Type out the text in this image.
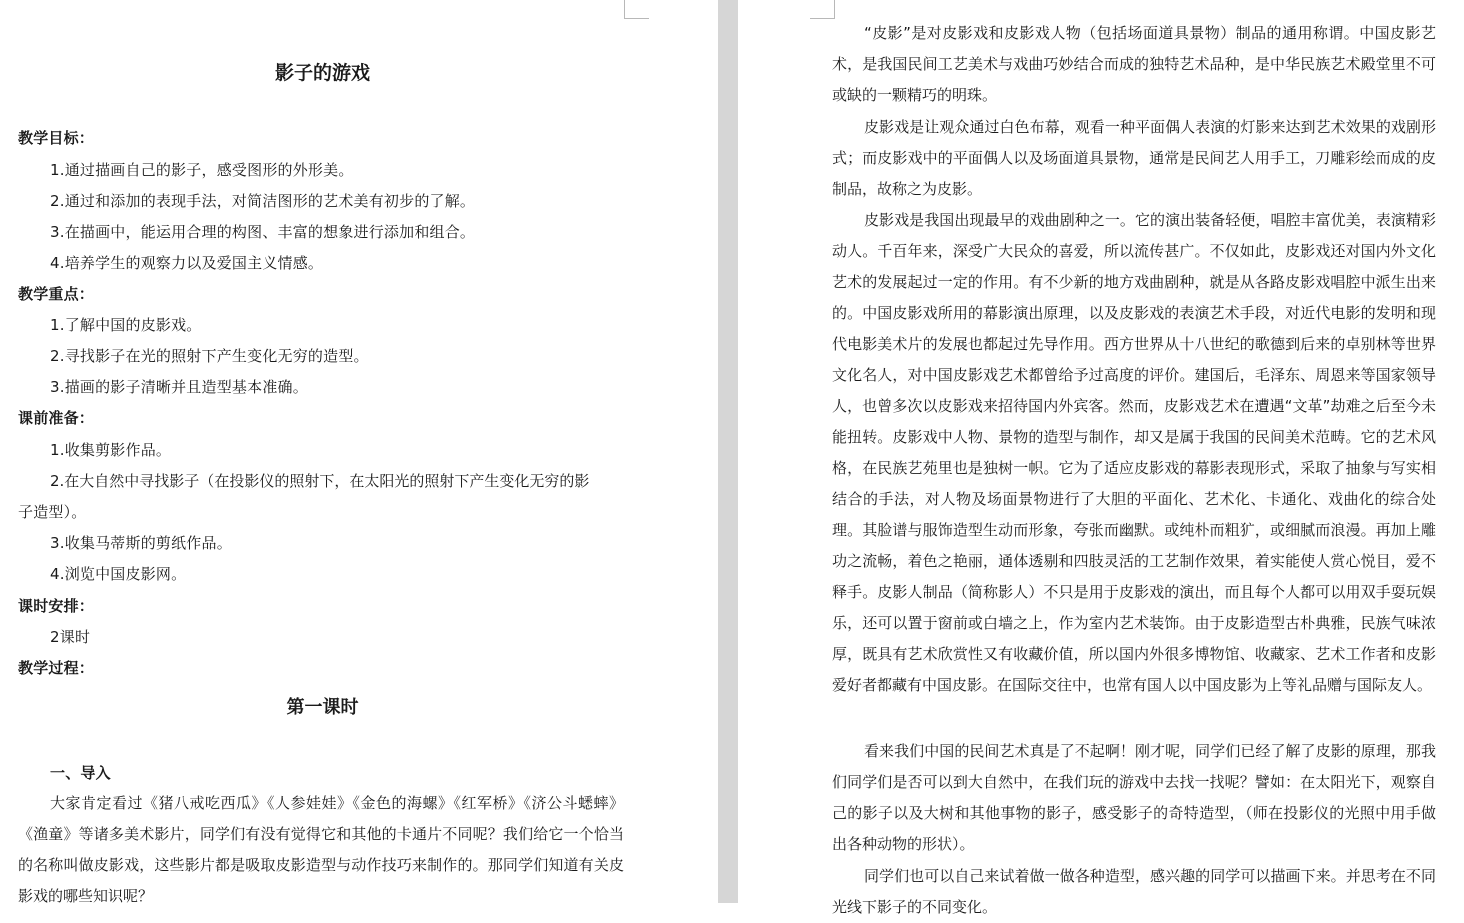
影子的游戏
教学目标：
1.通过描画自己的影子，感受图形的外形美。
2.通过和添加的表现手法，对简洁图形的艺术美有初步的了解。
3.在描画中，能运用合理的构图、丰富的想象进行添加和组合。
4.培养学生的观察力以及爱国主义情感。
教学重点：
1.了解中国的皮影戏。
2.寻找影子在光的照射下产生变化无穷的造型。
3.描画的影子清晰并且造型基本准确。
课前准备：
1.收集剪影作品。
2.在大自然中寻找影子（在投影仪的照射下，在太阳光的照射下产生变化无穷的影
子造型）。
3.收集马蒂斯的剪纸作品。
4.浏览中国皮影网。
课时安排：
2课时
教学过程：
第一课时
一、导入

大家肯定看过《猪八戒吃西瓜》《人参娃娃》《金色的海螺》《红军桥》《济公斗蟋蟀》《渔童》等诸多美术影片，同学们有没有觉得它和其他的卡通片不同呢？我们给它一个恰当的名称叫做皮影戏，这些影片都是吸取皮影造型与动作技巧来制作的。那同学们知道有关皮影戏的哪些知识呢？

“皮影”是对皮影戏和皮影戏人物（包括场面道具景物）制品的通用称谓。中国皮影艺术，是我国民间工艺美术与戏曲巧妙结合而成的独特艺术品种，是中华民族艺术殿堂里不可或缺的一颗精巧的明珠。

皮影戏是让观众通过白色布幕，观看一种平面偶人表演的灯影来达到艺术效果的戏剧形式；而皮影戏中的平面偶人以及场面道具景物，通常是民间艺人用手工，刀雕彩绘而成的皮制品，故称之为皮影。

皮影戏是我国出现最早的戏曲剧种之一。它的演出装备轻便，唱腔丰富优美，表演精彩动人。千百年来，深受广大民众的喜爱，所以流传甚广。不仅如此，皮影戏还对国内外文化艺术的发展起过一定的作用。有不少新的地方戏曲剧种，就是从各路皮影戏唱腔中派生出来的。中国皮影戏所用的幕影演出原理，以及皮影戏的表演艺术手段，对近代电影的发明和现代电影美术片的发展也都起过先导作用。西方世界从十八世纪的歌德到后来的卓别林等世界文化名人，对中国皮影戏艺术都曾给予过高度的评价。建国后，毛泽东、周恩来等国家领导人，也曾多次以皮影戏来招待国内外宾客。然而，皮影戏艺术在遭遇“文革”劫难之后至今未能扭转。皮影戏中人物、景物的造型与制作，却又是属于我国的民间美术范畴。它的艺术风格，在民族艺苑里也是独树一帜。它为了适应皮影戏的幕影表现形式，采取了抽象与写实相结合的手法，对人物及场面景物进行了大胆的平面化、艺术化、卡通化、戏曲化的综合处理。其脸谱与服饰造型生动而形象，夸张而幽默。或纯朴而粗犷，或细腻而浪漫。再加上雕功之流畅，着色之艳丽，通体透剔和四肢灵活的工艺制作效果，着实能使人赏心悦目，爱不释手。皮影人制品（简称影人）不只是用于皮影戏的演出，而且每个人都可以用双手耍玩娱乐，还可以置于窗前或白墙之上，作为室内艺术装饰。由于皮影造型古朴典雅，民族气味浓厚，既具有艺术欣赏性又有收藏价值，所以国内外很多博物馆、收藏家、艺术工作者和皮影爱好者都藏有中国皮影。在国际交往中，也常有国人以中国皮影为上等礼品赠与国际友人。

看来我们中国的民间艺术真是了不起啊！刚才呢，同学们已经了解了皮影的原理，那我们同学们是否可以到大自然中，在我们玩的游戏中去找一找呢？譬如：在太阳光下，观察自己的影子以及大树和其他事物的影子，感受影子的奇特造型，（师在投影仪的光照中用手做出各种动物的形状）。

同学们也可以自己来试着做一做各种造型，感兴趣的同学可以描画下来。并思考在不同光线下影子的不同变化。
